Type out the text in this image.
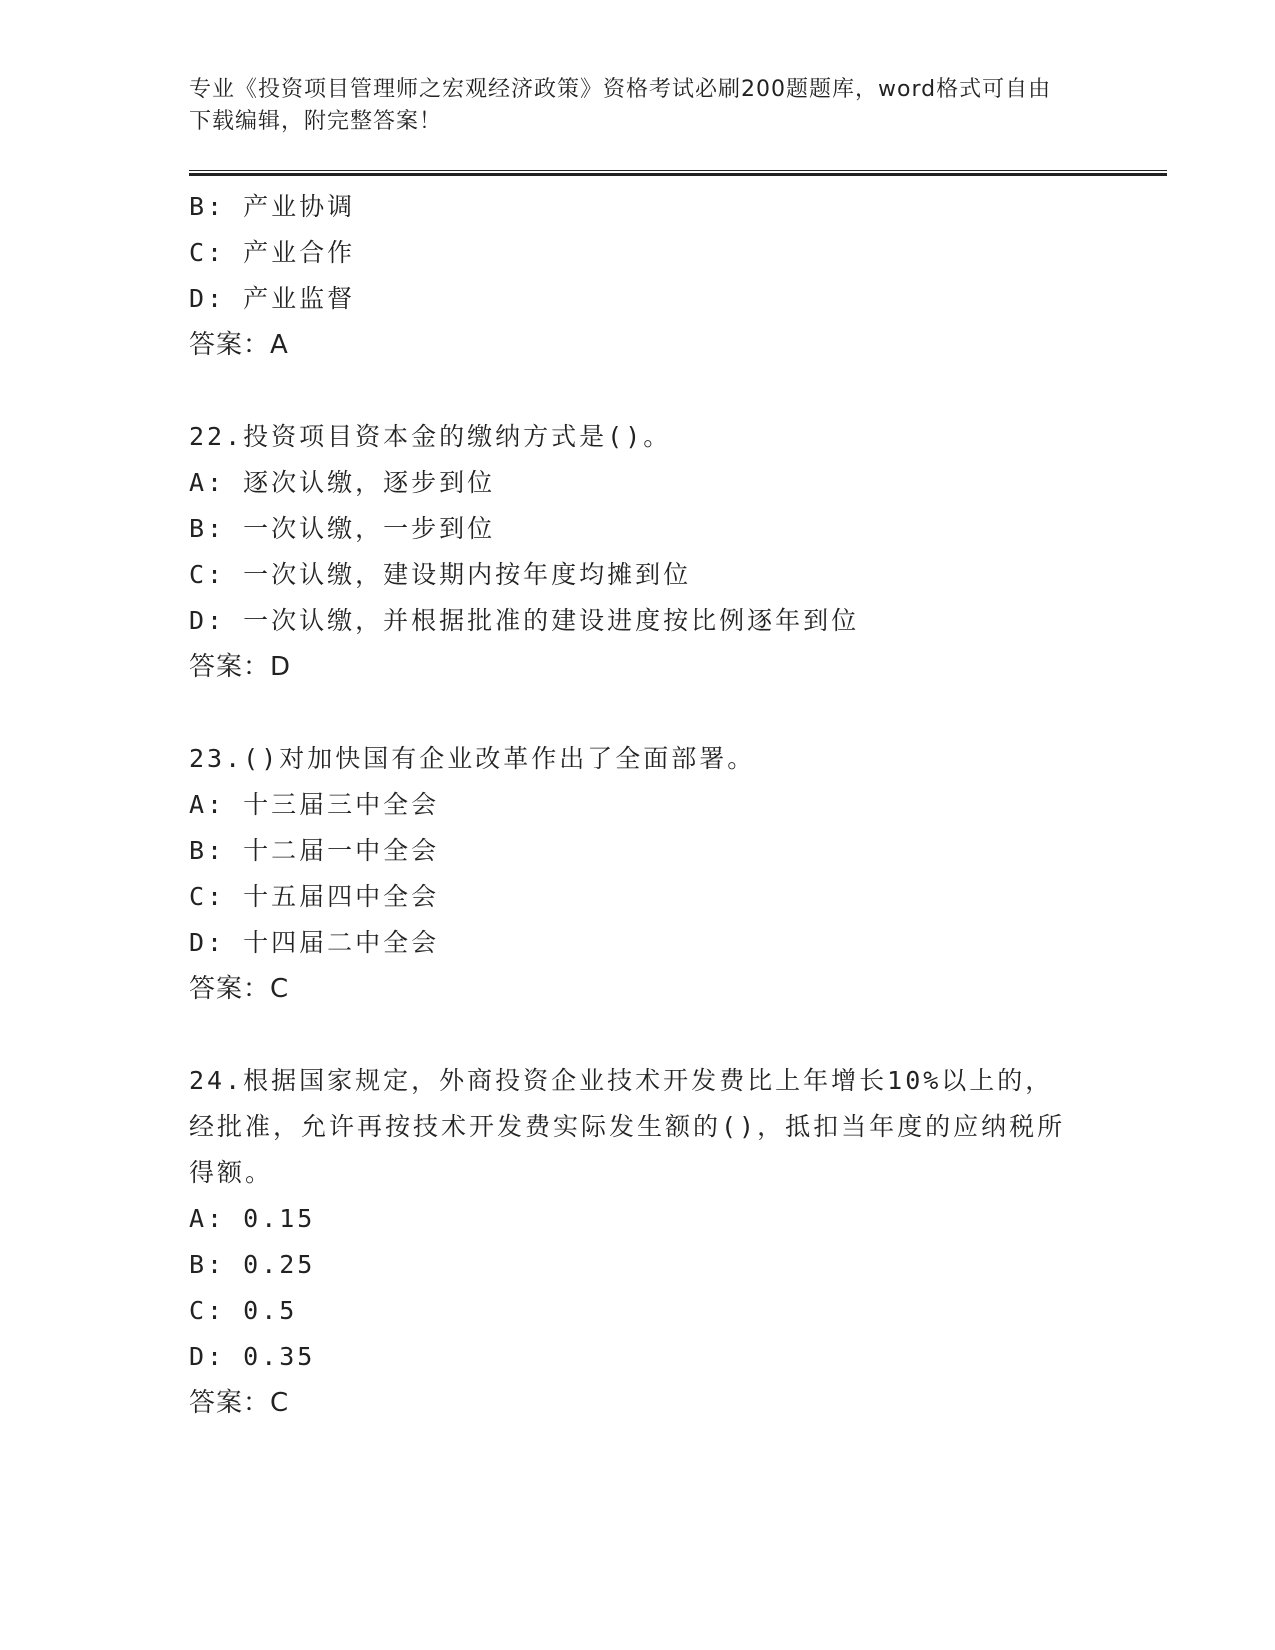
专业《投资项目管理师之宏观经济政策》资格考试必刷200题题库，word格式可自由下载编辑，附完整答案！

B: 产业协调
C: 产业合作
D: 产业监督
答案：A
22.投资项目资本金的缴纳方式是()。
A: 逐次认缴，逐步到位
B: 一次认缴，一步到位
C: 一次认缴，建设期内按年度均摊到位
D: 一次认缴，并根据批准的建设进度按比例逐年到位
答案：D
23.()对加快国有企业改革作出了全面部署。
A: 十三届三中全会
B: 十二届一中全会
C: 十五届四中全会
D: 十四届二中全会
答案：C
24.根据国家规定，外商投资企业技术开发费比上年增长10%以上的，经批准，允许再按技术开发费实际发生额的()，抵扣当年度的应纳税所得额。
A: 0.15
B: 0.25
C: 0.5
D: 0.35
答案：C
